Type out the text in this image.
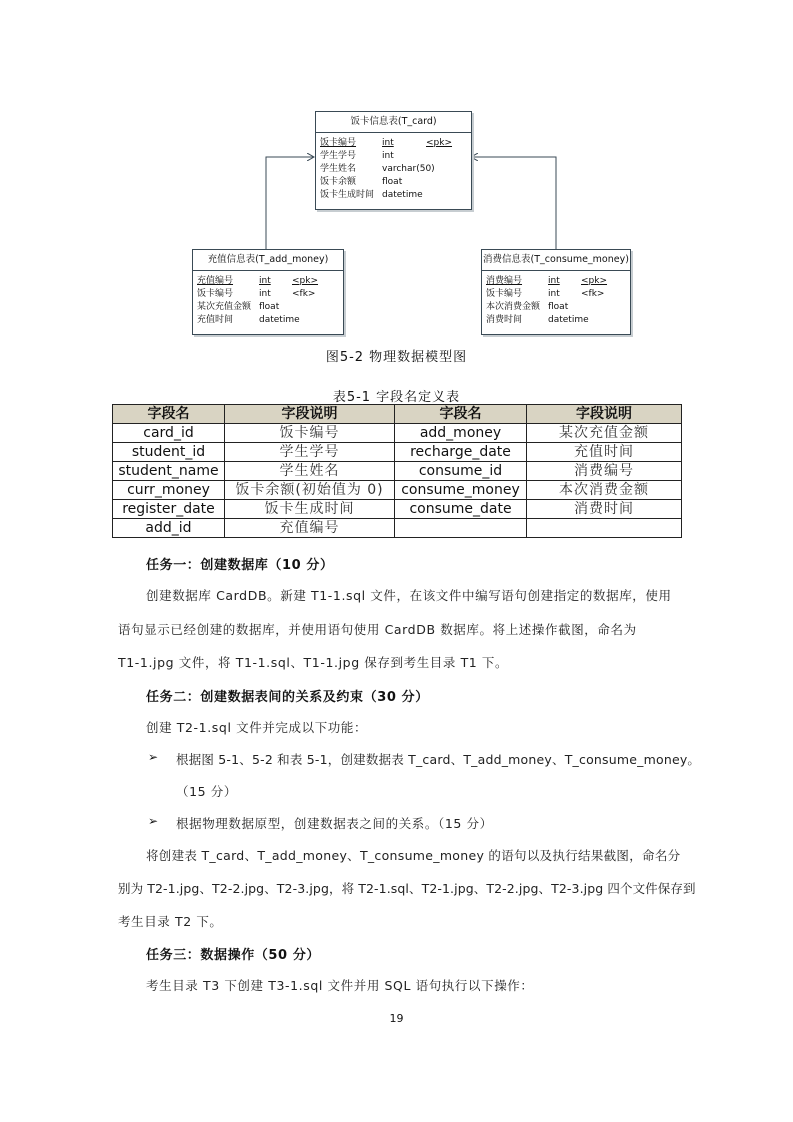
饭卡信息表(T_card)
饭卡编号	int	<pk>
学生学号	int
学生姓名	varchar(50)
饭卡余额	float
饭卡生成时间 datetime
充值信息表(T_add_money)
充值编号	int	<pk>
饭卡编号	int	<fk>
某次充值金额 float
充值时间	datetime
消费信息表(T_consume_money)
消费编号	int	<pk>
饭卡编号	int	<fk>
本次消费金额 float
消费时间	datetime
图5-2 物理数据模型图
表5-1 字段名定义表
字段名	字段说明	字段名	字段说明
card_id	饭卡编号	add_money	某次充值金额
student_id	学生学号	recharge_date	充值时间
student_name	学生姓名	consume_id	消费编号
curr_money	饭卡余额(初始值为 0)	consume_money	本次消费金额
register_date	饭卡生成时间	consume_date	消费时间
add_id	充值编号		
任务一：创建数据库（10 分）
创建数据库 CardDB。新建 T1-1.sql 文件，在该文件中编写语句创建指定的数据库，使用
语句显示已经创建的数据库，并使用语句使用 CardDB 数据库。将上述操作截图，命名为
T1-1.jpg 文件，将 T1-1.sql、T1-1.jpg 保存到考生目录 T1 下。
任务二：创建数据表间的关系及约束（30 分）
创建 T2-1.sql 文件并完成以下功能：
➢ 根据图 5-1、5-2 和表 5-1，创建数据表 T_card、T_add_money、T_consume_money。
（15 分）
➢ 根据物理数据原型，创建数据表之间的关系。（15 分）
将创建表 T_card、T_add_money、T_consume_money 的语句以及执行结果截图，命名分
别为 T2-1.jpg、T2-2.jpg、T2-3.jpg，将 T2-1.sql、T2-1.jpg、T2-2.jpg、T2-3.jpg 四个文件保存到
考生目录 T2 下。
任务三：数据操作（50 分）
考生目录 T3 下创建 T3-1.sql 文件并用 SQL 语句执行以下操作：
19
